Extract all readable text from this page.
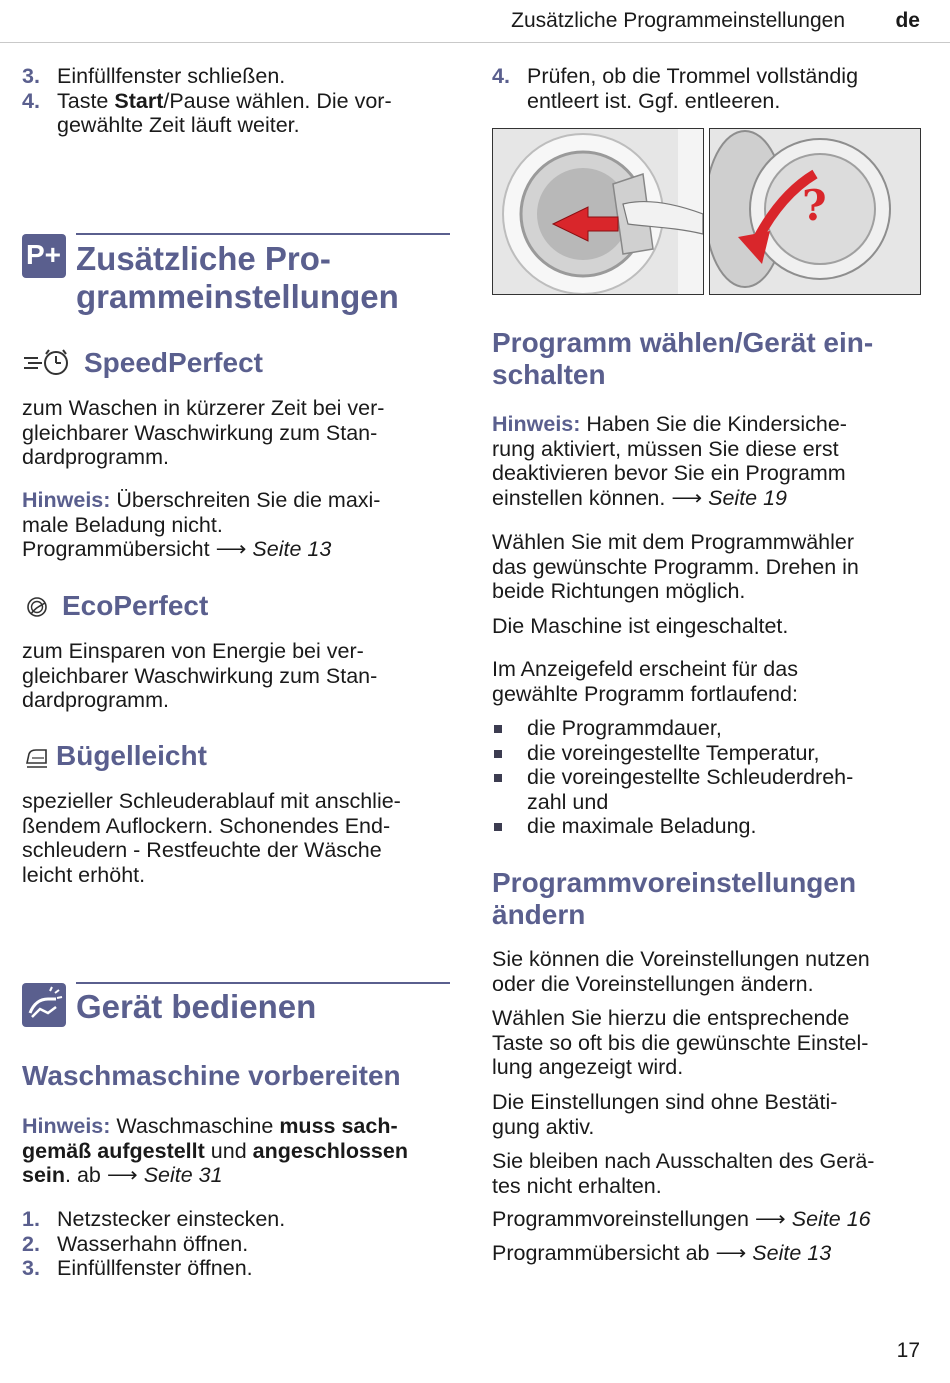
Zusätzliche Programmeinstellungen de
3. Einfüllfenster schließen.
4. Taste Start/Pause wählen. Die vor-
gewählte Zeit läuft weiter.
4. Prüfen, ob die Trommel vollständig
entleert ist. Ggf. entleeren.
?
P+ Zusätzliche Pro-
grammeinstellungen
SpeedPerfect
zum Waschen in kürzerer Zeit bei ver-
gleichbarer Waschwirkung zum Stan-
dardprogramm.
Hinweis: Überschreiten Sie die maxi-
male Beladung nicht.
Programmübersicht ⟶ Seite 13
EcoPerfect
zum Einsparen von Energie bei ver-
gleichbarer Waschwirkung zum Stan-
dardprogramm.
Bügelleicht
spezieller Schleuderablauf mit anschlie-
ßendem Auflockern. Schonendes End-
schleudern - Restfeuchte der Wäsche
leicht erhöht.
Gerät bedienen
Waschmaschine vorbereiten
Hinweis: Waschmaschine muss sach-
gemäß aufgestellt und angeschlossen
sein. ab ⟶ Seite 31
1. Netzstecker einstecken.
2. Wasserhahn öffnen.
3. Einfüllfenster öffnen.
Programm wählen/Gerät ein-
schalten
Hinweis: Haben Sie die Kindersiche-
rung aktiviert, müssen Sie diese erst
deaktivieren bevor Sie ein Programm
einstellen können. ⟶ Seite 19
Wählen Sie mit dem Programmwähler
das gewünschte Programm. Drehen in
beide Richtungen möglich.
Die Maschine ist eingeschaltet.
Im Anzeigefeld erscheint für das
gewählte Programm fortlaufend:
die Programmdauer,
die voreingestellte Temperatur,
die voreingestellte Schleuderdreh-
zahl und
die maximale Beladung.
Programmvoreinstellungen
ändern
Sie können die Voreinstellungen nutzen
oder die Voreinstellungen ändern.
Wählen Sie hierzu die entsprechende
Taste so oft bis die gewünschte Einstel-
lung angezeigt wird.
Die Einstellungen sind ohne Bestäti-
gung aktiv.
Sie bleiben nach Ausschalten des Gerä-
tes nicht erhalten.
Programmvoreinstellungen ⟶ Seite 16
Programmübersicht ab ⟶ Seite 13
17
